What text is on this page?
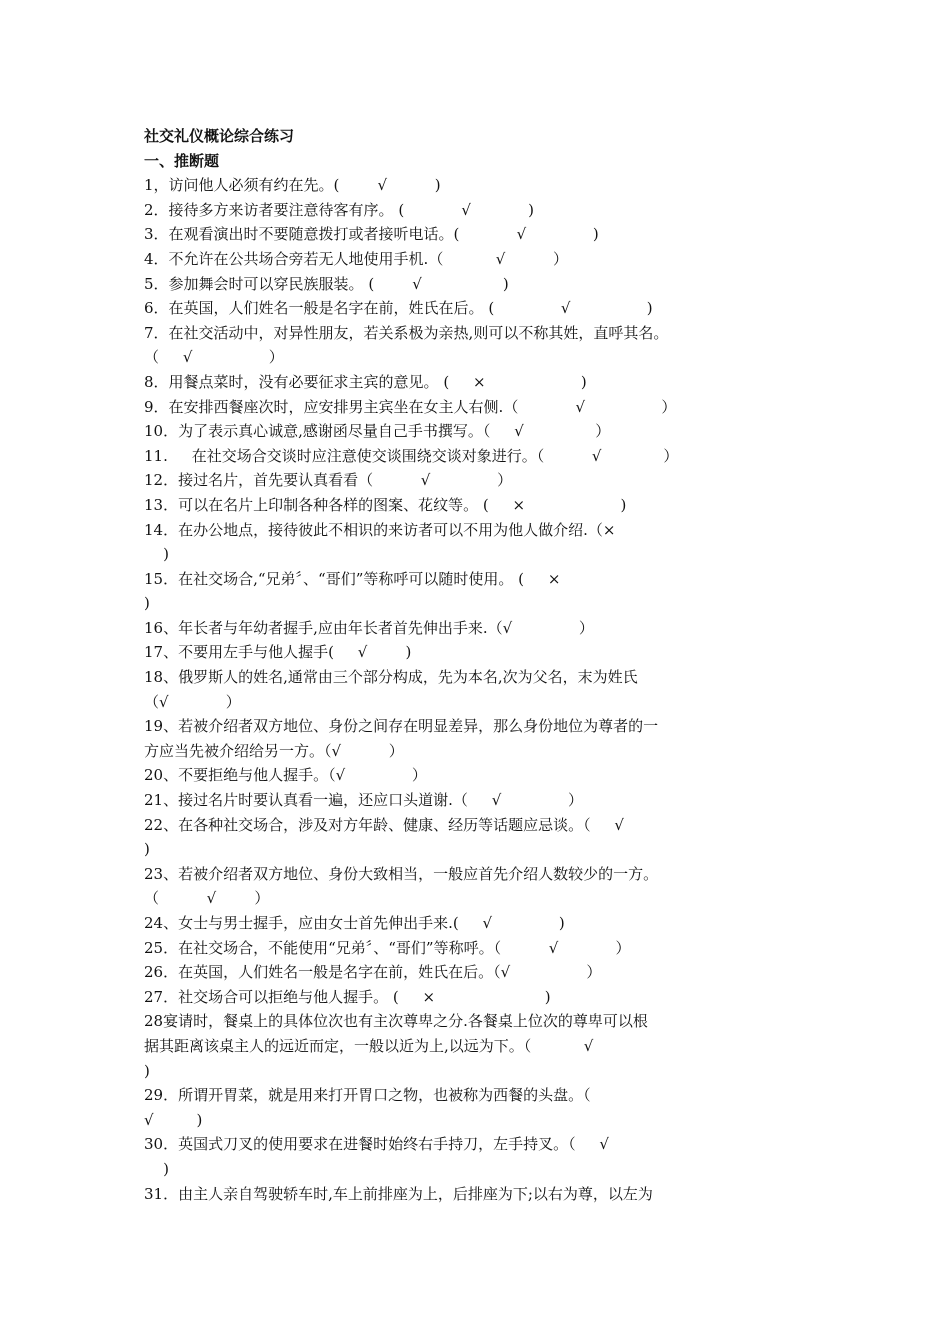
社交礼仪概论综合练习
一、推断题
1，访问他人必须有约在先。(        √          )
2．接待多方来访者要注意待客有序。 (            √            )
3．在观看演出时不要随意拨打或者接听电话。(            √              )
4．不允许在公共场合旁若无人地使用手机.（           √          ）
5．参加舞会时可以穿民族服装。 (        √                 )
6．在英国，人们姓名一般是名字在前，姓氏在后。 (              √                )
7．在社交活动中，对异性朋友，若关系极为亲热,则可以不称其姓，直呼其名。
（     √                ）
8．用餐点菜时，没有必要征求主宾的意见。 (     ×                    )
9．在安排西餐座次时，应安排男主宾坐在女主人右侧.（            √                ）
10．为了表示真心诚意,感谢函尽量自己手书撰写。（     √               ）
11.     在社交场合交谈时应注意使交谈围绕交谈对象进行。（          √             ）
12．接过名片，首先要认真看看（          √              ）
13．可以在名片上印制各种各样的图案、花纹等。 (     ×                    )
14．在办公地点，接待彼此不相识的来访者可以不用为他人做介绍.（×
)
15．在社交场合,“兄弟〞、“哥们”等称呼可以随时使用。 (     ×
)
16、年长者与年幼者握手,应由年长者首先伸出手来.（√              ）
17、不要用左手与他人握手(     √        )
18、俄罗斯人的姓名,通常由三个部分构成，先为本名,次为父名，末为姓氏
（√            ）
19、若被介绍者双方地位、身份之间存在明显差异，那么身份地位为尊者的一
方应当先被介绍给另一方。（√          ）
20、不要拒绝与他人握手。（√              ）
21、接过名片时要认真看一遍，还应口头道谢.（     √              ）
22、在各种社交场合，涉及对方年龄、健康、经历等话题应忌谈。（     √
)
23、若被介绍者双方地位、身份大致相当，一般应首先介绍人数较少的一方。
（          √        ）
24、女士与男士握手，应由女士首先伸出手来.(     √              )
25．在社交场合，不能使用“兄弟〞、“哥们”等称呼。（          √            ）
26．在英国，人们姓名一般是名字在前，姓氏在后。（√                ）
27．社交场合可以拒绝与他人握手。 (     ×                       )
28宴请时，餐桌上的具体位次也有主次尊卑之分.各餐桌上位次的尊卑可以根
据其距离该桌主人的远近而定，一般以近为上,以远为下。（           √
)
29．所谓开胃菜，就是用来打开胃口之物，也被称为西餐的头盘。（
√         )
30．英国式刀叉的使用要求在进餐时始终右手持刀，左手持叉。（     √
)
31．由主人亲自驾驶轿车时,车上前排座为上，后排座为下;以右为尊，以左为
